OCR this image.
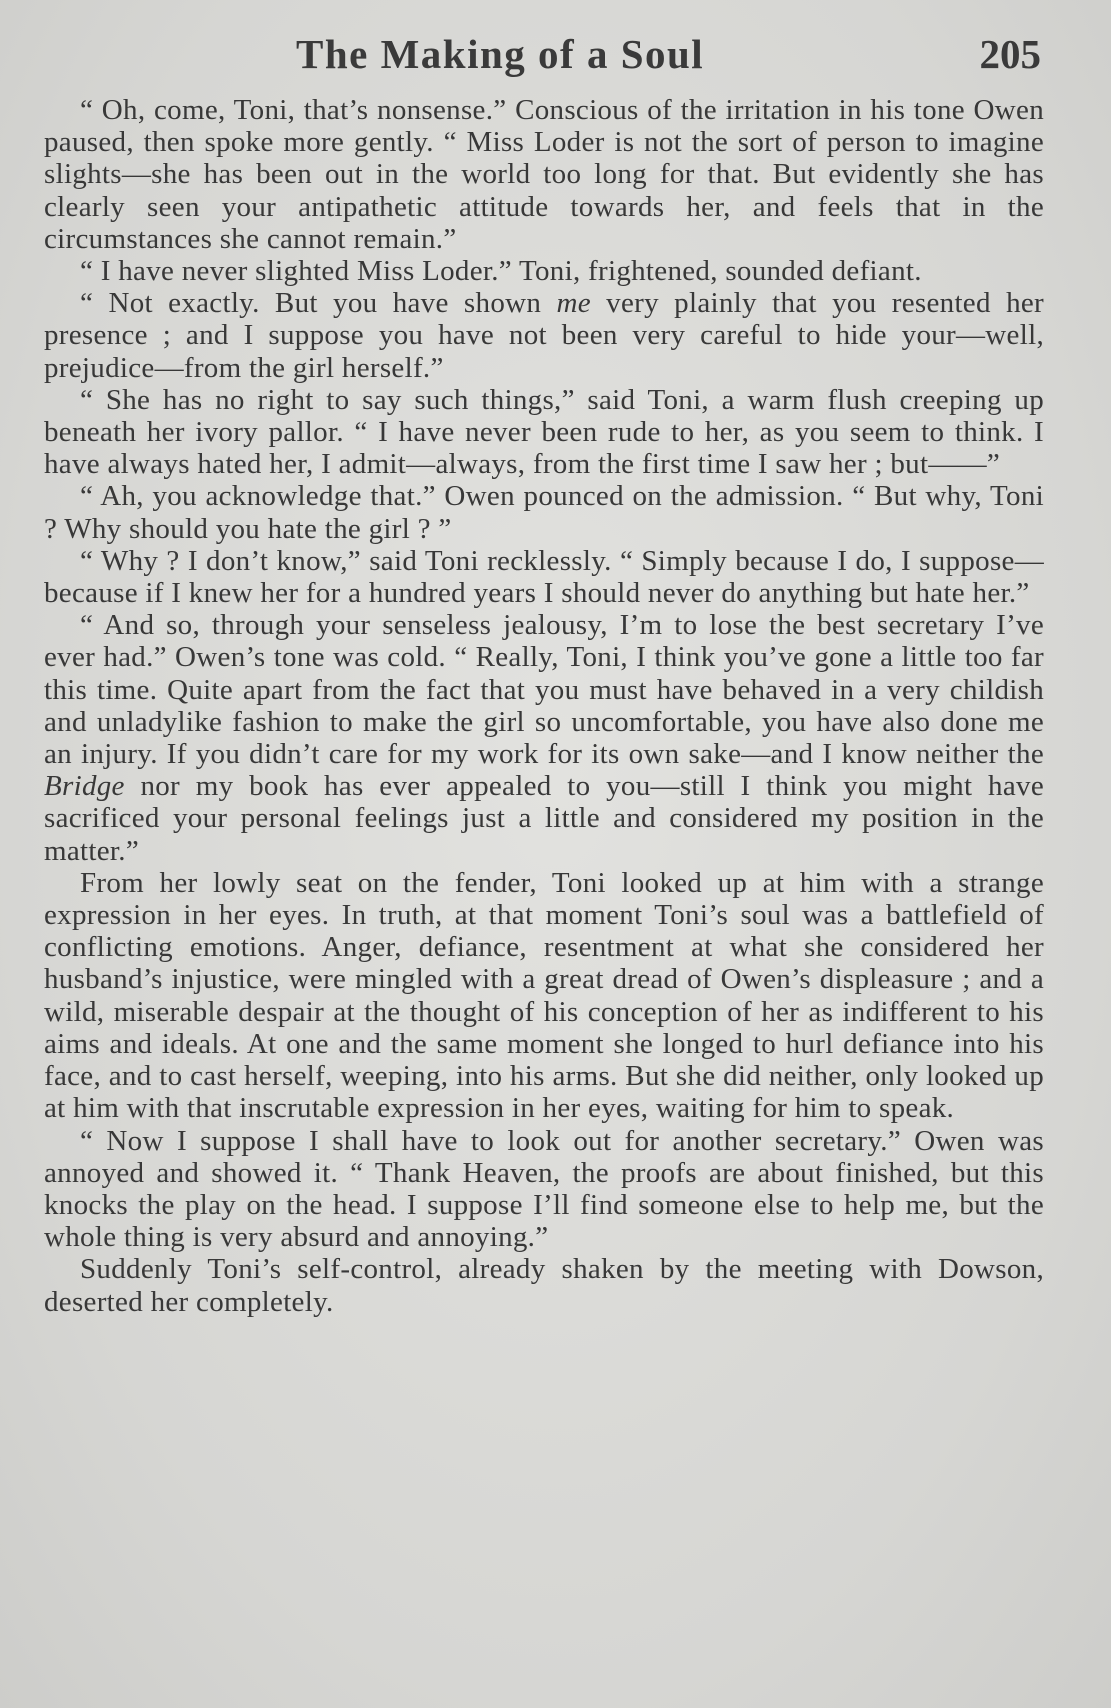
The Making of a Soul	205

“ Oh, come, Toni, that’s nonsense.” Conscious of the irritation in his tone Owen paused, then spoke more gently. “ Miss Loder is not the sort of person to imagine slights—she has been out in the world too long for that. But evidently she has clearly seen your antipathetic attitude towards her, and feels that in the circumstances she cannot remain.”

“ I have never slighted Miss Loder.” Toni, frightened, sounded defiant.

“ Not exactly. But you have shown me very plainly that you resented her presence ; and I suppose you have not been very careful to hide your—well, prejudice—from the girl herself.”

“ She has no right to say such things,” said Toni, a warm flush creeping up beneath her ivory pallor. “ I have never been rude to her, as you seem to think. I have always hated her, I admit—always, from the first time I saw her ; but——”

“ Ah, you acknowledge that.” Owen pounced on the admission. “ But why, Toni ? Why should you hate the girl ? ”

“ Why ? I don’t know,” said Toni recklessly. “ Simply because I do, I suppose—because if I knew her for a hundred years I should never do anything but hate her.”

“ And so, through your senseless jealousy, I’m to lose the best secretary I’ve ever had.” Owen’s tone was cold. “ Really, Toni, I think you’ve gone a little too far this time. Quite apart from the fact that you must have behaved in a very childish and unladylike fashion to make the girl so uncomfortable, you have also done me an injury. If you didn’t care for my work for its own sake—and I know neither the Bridge nor my book has ever appealed to you—still I think you might have sacrificed your personal feelings just a little and considered my position in the matter.”

From her lowly seat on the fender, Toni looked up at him with a strange expression in her eyes. In truth, at that moment Toni’s soul was a battlefield of conflicting emotions. Anger, defiance, resentment at what she considered her husband’s injustice, were mingled with a great dread of Owen’s displeasure ; and a wild, miserable despair at the thought of his conception of her as indifferent to his aims and ideals. At one and the same moment she longed to hurl defiance into his face, and to cast herself, weeping, into his arms. But she did neither, only looked up at him with that inscrutable expression in her eyes, waiting for him to speak.

“ Now I suppose I shall have to look out for another secretary.” Owen was annoyed and showed it. “ Thank Heaven, the proofs are about finished, but this knocks the play on the head. I suppose I’ll find someone else to help me, but the whole thing is very absurd and annoying.”

Suddenly Toni’s self-control, already shaken by the meeting with Dowson, deserted her completely.
